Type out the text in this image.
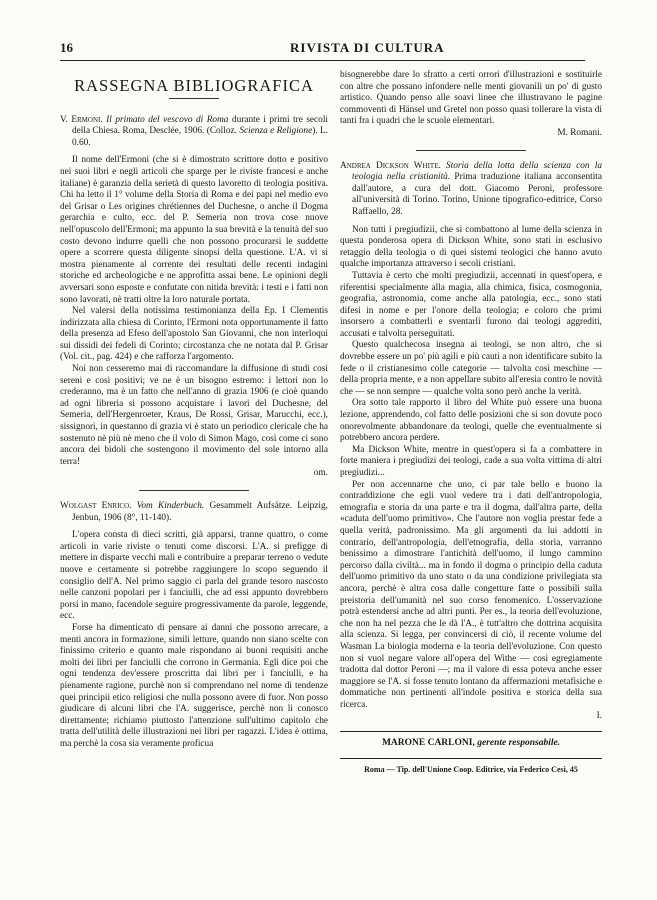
16	RIVISTA DI CULTURA
RASSEGNA BIBLIOGRAFICA

V. Ermoni. Il primato del vescovo di Roma durante i primi tre secoli della Chiesa. Roma, Desclée, 1906. (Colloz. Scienza e Religione). L. 0.60.

Il nome dell'Ermoni (che si è dimostrato scrittore dotto e positivo nei suoi libri e negli articoli che sparge per le riviste francesi e anche italiane) è garanzia della serietà di questo lavoretto di teologia positiva. Chi ha letto il 1° volume della Storia di Roma e dei papi nel medio evo del Grisar o Les origines chrétiennes del Duchesne, o anche il Dogma gerarchia e culto, ecc. del P. Semeria non trova cose nuove nell'opuscolo dell'Ermoni; ma appunto la sua brevità e la tenuità del suo costo devono indurre quelli che non possono procurarsi le suddette opere a scorrere questa diligente sinopsi della questione. L'A. vi si mostra pienamente al corrente dei resultati delle recenti indagini storiche ed archeologiche e ne approfitta assai bene. Le opinioni degli avversari sono esposte e confutate con nitida brevità: i testi e i fatti non sono lavorati, nè tratti oltre la loro naturale portata.

Nel valersi della notissima testimonianza della Ep. I Clementis indirizzata alla chiesa di Corinto, l'Ermoni nota opportunamente il fatto della presenza ad Efeso dell'apostolo San Giovanni, che non interloquì sui dissidi dei fedeli di Corinto; circostanza che ne notata dal P. Grisar (Vol. cit., pag. 424) e che rafforza l'argomento.

Noi non cesseremo mai di raccomandare la diffusione di studi così sereni e così positivi; ve ne è un bisogno estremo: i lettori non lo crederanno, ma è un fatto che nell'anno di grazia 1906 (e cioè quando ad ogni libreria si possono acquistare i lavori del Duchesne, del Semeria, dell'Hergenroeter, Kraus, De Rossi, Grisar, Marucchi, ecc.), sissignori, in questanno di grazia vi è stato un periodico clericale che ha sostenuto nè più nè meno che il volo di Simon Mago, così come ci sono ancora dei bidoli che sostengono il movimento del sole intorno alla terra!

om.

Wolgast Enrico. Vom Kinderbuch. Gesammelt Aufsätze. Leipzig, Jenbun, 1906 (8°, 11-140).

L'opera consta di dieci scritti, già apparsi, tranne quattro, o come articoli in varie riviste o tenuti come discorsi. L'A. si prefigge di mettere in disparte vecchi mali e contribuire a preparar terreno o vedute nuove e certamente si potrebbe raggiungere lo scopo seguendo il consiglio dell'A. Nel primo saggio ci parla del grande tesoro nascosto nelle canzoni popolari per i fanciulli, che ad essi appunto dovrebbero porsi in mano, facendole seguire progressivamente da parole, leggende, ecc.

Forse ha dimenticato di pensare ai danni che possono arrecare, a menti ancora in formazione, simili letture, quando non siano scelte con finissimo criterio e quanto male rispondano ai buoni requisiti anche molti dei libri per fanciulli che corrono in Germania. Egli dice poi che ogni tendenza dev'essere proscritta dai libri per i fanciulli, e ha pienamente ragione, purchè non si comprendano nel nome di tendenze quei principii etico religiosi che nulla possono avere di fuor. Non posso giudicare di alcuni libri che l'A. suggerisce, perchè non li conosco direttamente; richiamo piuttosto l'attenzione sull'ultimo capitolo che tratta dell'utilità delle illustrazioni nei libri per ragazzi. L'idea è ottima, ma perchè la cosa sia veramente proficua

bisognerebbe dare lo sfratto a certi orrori d'illustrazioni e sostituirle con altre che possano infondere nelle menti giovanili un po' di gusto artistico. Quando penso alle soavi linee che illustravano le pagine commoventi di Hänsel und Gretel non posso quasi tollerare la vista di tanti fra i quadri che le scuole elementari.

M. Romani.

Andrea Dickson White. Storia della lotta della scienza con la teologia nella cristianità. Prima traduzione italiana acconsentita dall'autore, a cura del dott. Giacomo Peroni, professore all'università di Torino. Torino, Unione tipografico-editrice, Corso Raffaello, 28.

Non tutti i pregiudizii, che si combattono al lume della scienza in questa ponderosa opera di Dickson White, sono stati in esclusivo retaggio della teologia o di quei sistemi teologici che hanno avuto qualche importanza attraverso i secoli cristiani.

Tuttavia è certo che molti pregiudizii, accennati in quest'opera, e riferentisi specialmente alla magia, alla chimica, fisica, cosmogonia, geografia, astronomia, come anche alla patologia, ecc., sono stati difesi in nome e per l'onore della teologia; e coloro che primi insorsero a combatterli e sventarli furono dai teologi aggrediti, accusati e talvolta perseguitati.

Questo qualchecosa insegna ai teologi, se non altro, che si dovrebbe essere un po' più agili e più cauti a non identificare subito la fede o il cristianesimo colle categorie — talvolta così meschine — della propria mente, e a non appellare subito all'eresia contro le novità che — se non sempre — qualche volta sono però anche la verità.

Ora sotto tale rapporto il libro del White può essere una buona lezione, apprendendo, col fatto delle posizioni che si son dovute poco onorevolmente abbandonare da teologi, quelle che eventualmente si potrebbero ancora perdere.

Ma Dickson White, mentre in quest'opera si fa a combattere in forte maniera i pregiudizi dei teologi, cade a sua volta vittima di altri pregiudizi...

Per non accennarne che uno, ci par tale bello e buono la contraddizione che egli vuol vedere tra i dati dell'antropologia, etnografia e storia da una parte e tra il dogma, dall'altra parte, della «caduta dell'uomo primitivo». Che l'autore non voglia prestar fede a quella verità, padronissimo. Ma gli argomenti da lui addotti in contrario, dell'antropologia, dell'etnografia, della storia, varranno benissimo a dimostrare l'antichità dell'uomo, il lungo cammino percorso dalla civiltà... ma in fondo il dogma o principio della caduta dell'uomo primitivo da uno stato o da una condizione privilegiata sta ancora, perchè è altra cosa dalle congetture fatte o possibili sulla preistoria dell'umanità nel suo corso fenomenico. L'osservazione potrà estendersi anche ad altri punti. Per es., la teoria dell'evoluzione, che non ha nel pezza che le dà l'A., è tutt'altro che dottrina acquisita alla scienza. Si legga, per convincersi di ciò, il recente volume del Wasman La biologia moderna e la teoria dell'evoluzione. Con questo non si vuol negare valore all'opera del Withe — così egregiamente tradotta dal dottor Peroni —; ma il valore di essa poteva anche esser maggiore se l'A. si fosse tenuto lontano da affermazioni metafisiche e dommatiche non pertinenti all'indole positiva e storica della sua ricerca.

I.

MARONE CARLONI, gerente responsabile.
Roma — Tip. dell'Unione Coop. Editrice, via Federico Cesi, 45
